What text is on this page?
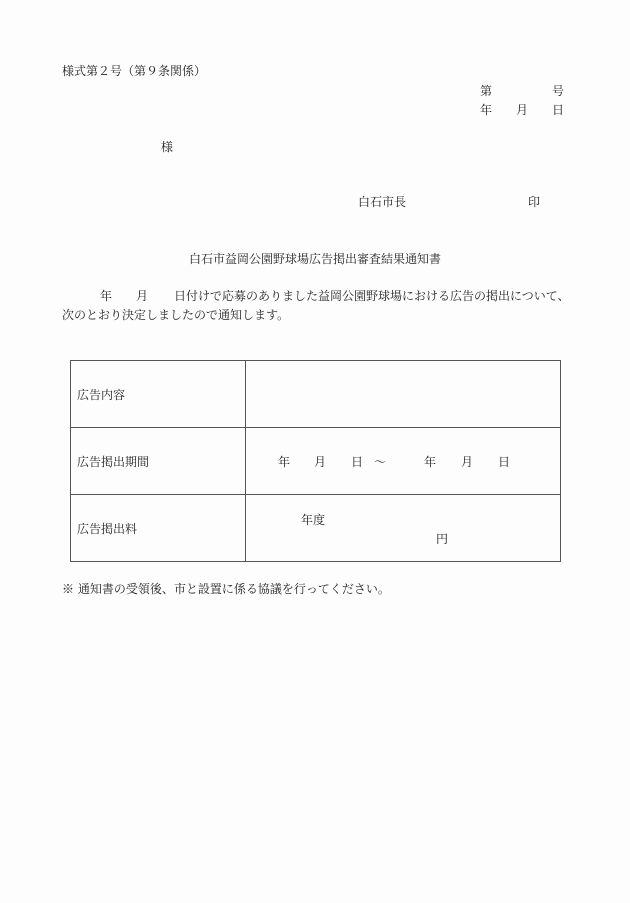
様式第２号（第９条関係）
第	号
年 月 日
様
白石市長	印
白石市益岡公園野球場広告掲出審査結果通知書
年 月 日付けで応募のありました益岡公園野球場における広告の掲出について、
次のとおり決定しましたので通知します。
広告内容	
広告掲出期間	年 月 日 ～	年 月 日

広告掲出料	年度
円
※ 通知書の受領後、市と設置に係る協議を行ってください。
